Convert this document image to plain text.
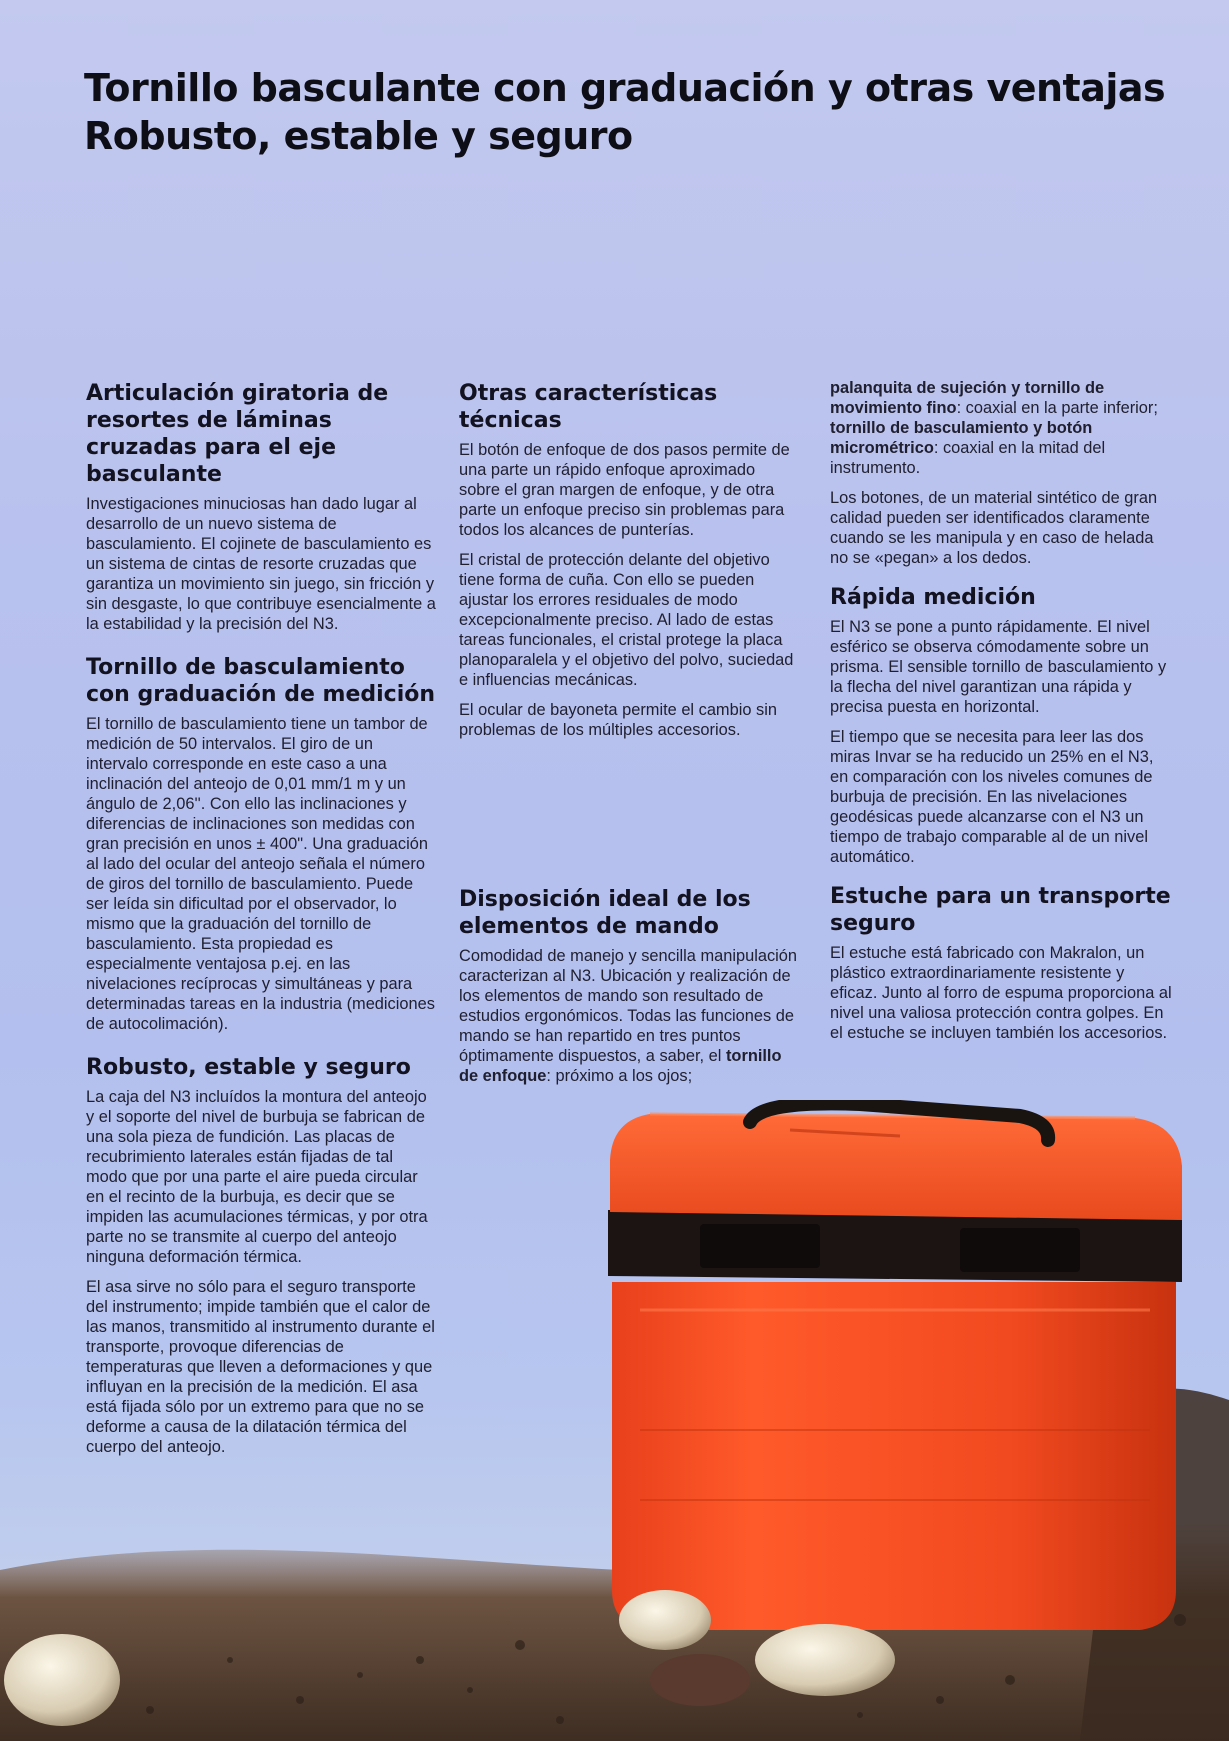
Tornillo basculante con graduación y otras ventajas
Robusto, estable y seguro
Articulación giratoria de resortes de láminas cruzadas para el eje basculante

Investigaciones minuciosas han dado lugar al desarrollo de un nuevo sistema de basculamiento. El cojinete de basculamiento es un sistema de cintas de resorte cruzadas que garantiza un movimiento sin juego, sin fricción y sin desgaste, lo que contribuye esencialmente a la estabilidad y la precisión del N3.

Tornillo de basculamiento con graduación de medición

El tornillo de basculamiento tiene un tambor de medición de 50 intervalos. El giro de un intervalo corresponde en este caso a una inclinación del anteojo de 0,01 mm/1 m y un ángulo de 2,06''. Con ello las inclinaciones y diferencias de inclinaciones son medidas con gran precisión en unos ± 400". Una graduación al lado del ocular del anteojo señala el número de giros del tornillo de basculamiento. Puede ser leída sin dificultad por el observador, lo mismo que la graduación del tornillo de basculamiento. Esta propiedad es especialmente ventajosa p.ej. en las nivelaciones recíprocas y simultáneas y para determinadas tareas en la industria (mediciones de autocolimación).

Robusto, estable y seguro

La caja del N3 incluídos la montura del anteojo y el soporte del nivel de burbuja se fabrican de una sola pieza de fundición. Las placas de recubrimiento laterales están fijadas de tal modo que por una parte el aire pueda circular en el recinto de la burbuja, es decir que se impiden las acumulaciones térmicas, y por otra parte no se transmite al cuerpo del anteojo ninguna deformación térmica.

El asa sirve no sólo para el seguro transporte del instrumento; impide también que el calor de las manos, transmitido al instrumento durante el transporte, provoque diferencias de temperaturas que lleven a deformaciones y que influyan en la precisión de la medición. El asa está fijada sólo por un extremo para que no se deforme a causa de la dilatación térmica del cuerpo del anteojo.

Otras características técnicas

El botón de enfoque de dos pasos permite de una parte un rápido enfoque aproximado sobre el gran margen de enfoque, y de otra parte un enfoque preciso sin problemas para todos los alcances de punterías.

El cristal de protección delante del objetivo tiene forma de cuña. Con ello se pueden ajustar los errores residuales de modo excepcionalmente preciso. Al lado de estas tareas funcionales, el cristal protege la placa planoparalela y el objetivo del polvo, suciedad e influencias mecánicas.

El ocular de bayoneta permite el cambio sin problemas de los múltiples accesorios.

Disposición ideal de los elementos de mando

Comodidad de manejo y sencilla manipulación caracterizan al N3. Ubicación y realización de los elementos de mando son resultado de estudios ergonómicos. Todas las funciones de mando se han repartido en tres puntos óptimamente dispuestos, a saber, el tornillo de enfoque: próximo a los ojos;

palanquita de sujeción y tornillo de movimiento fino: coaxial en la parte inferior; tornillo de basculamiento y botón micrométrico: coaxial en la mitad del instrumento.

Los botones, de un material sintético de gran calidad pueden ser identificados claramente cuando se les manipula y en caso de helada no se «pegan» a los dedos.

Rápida medición

El N3 se pone a punto rápidamente. El nivel esférico se observa cómodamente sobre un prisma. El sensible tornillo de basculamiento y la flecha del nivel garantizan una rápida y precisa puesta en horizontal.

El tiempo que se necesita para leer las dos miras Invar se ha reducido un 25% en el N3, en comparación con los niveles comunes de burbuja de precisión. En las nivelaciones geodésicas puede alcanzarse con el N3 un tiempo de trabajo comparable al de un nivel automático.

Estuche para un transporte seguro

El estuche está fabricado con Makralon, un plástico extraordinariamente resistente y eficaz. Junto al forro de espuma proporciona al nivel una valiosa protección contra golpes. En el estuche se incluyen también los accesorios.
